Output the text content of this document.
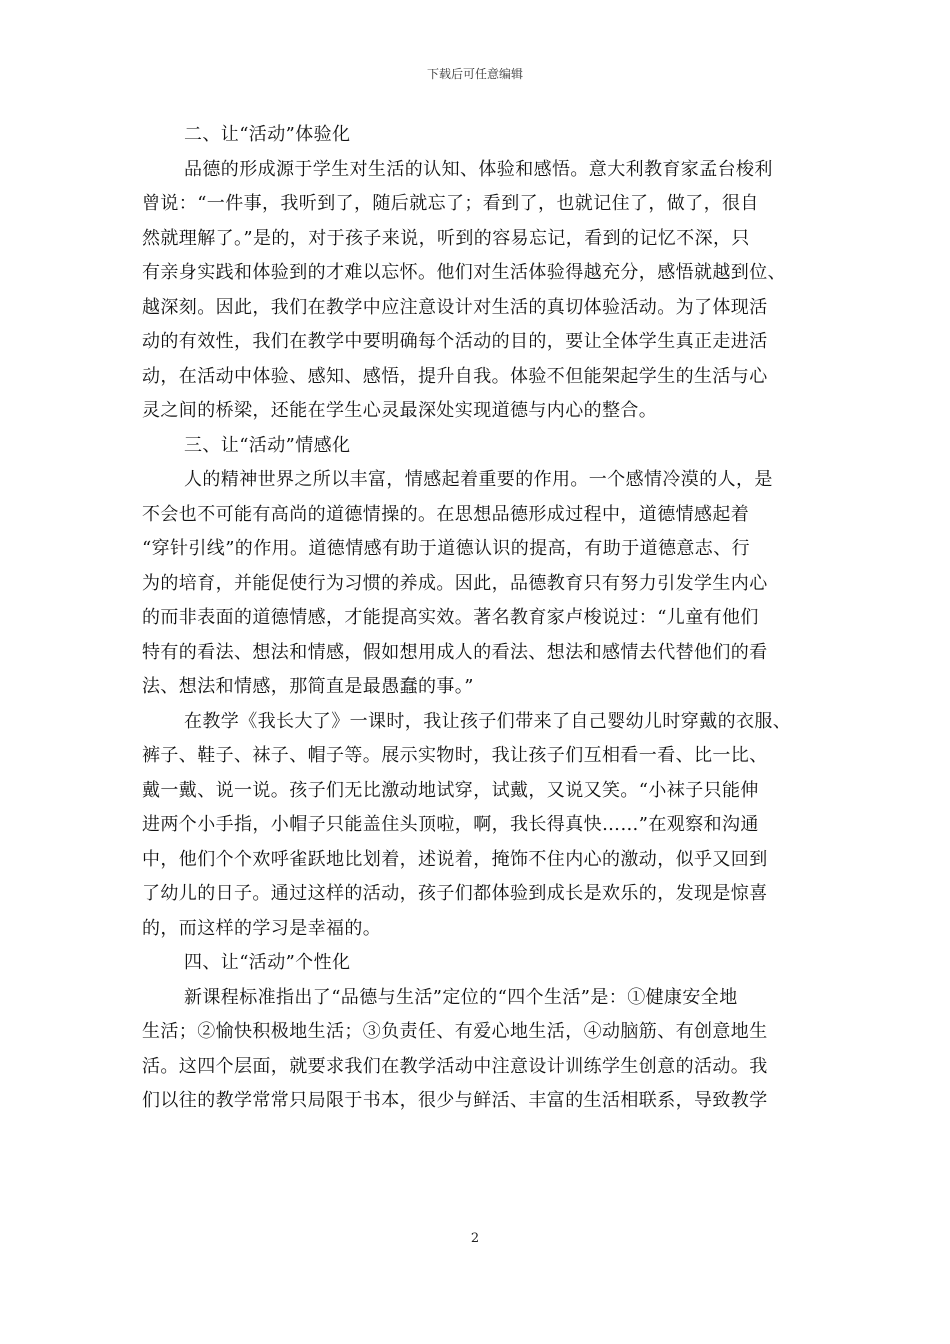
下载后可任意编辑
二、让“活动”体验化
品德的形成源于学生对生活的认知、体验和感悟。意大利教育家孟台梭利
曾说：“一件事，我听到了，随后就忘了；看到了，也就记住了，做了，很自
然就理解了。”是的，对于孩子来说，听到的容易忘记，看到的记忆不深，只
有亲身实践和体验到的才难以忘怀。他们对生活体验得越充分，感悟就越到位、
越深刻。因此，我们在教学中应注意设计对生活的真切体验活动。为了体现活
动的有效性，我们在教学中要明确每个活动的目的，要让全体学生真正走进活
动，在活动中体验、感知、感悟，提升自我。体验不但能架起学生的生活与心
灵之间的桥梁，还能在学生心灵最深处实现道德与内心的整合。
三、让“活动”情感化
人的精神世界之所以丰富，情感起着重要的作用。一个感情冷漠的人，是
不会也不可能有高尚的道德情操的。在思想品德形成过程中，道德情感起着
“穿针引线”的作用。道德情感有助于道德认识的提高，有助于道德意志、行
为的培育，并能促使行为习惯的养成。因此，品德教育只有努力引发学生内心
的而非表面的道德情感，才能提高实效。著名教育家卢梭说过：“儿童有他们
特有的看法、想法和情感，假如想用成人的看法、想法和感情去代替他们的看
法、想法和情感，那简直是最愚蠢的事。”
在教学《我长大了》一课时，我让孩子们带来了自己婴幼儿时穿戴的衣服、
裤子、鞋子、袜子、帽子等。展示实物时，我让孩子们互相看一看、比一比、
戴一戴、说一说。孩子们无比激动地试穿，试戴，又说又笑。“小袜子只能伸
进两个小手指，小帽子只能盖住头顶啦，啊，我长得真快……”在观察和沟通
中，他们个个欢呼雀跃地比划着，述说着，掩饰不住内心的激动，似乎又回到
了幼儿的日子。通过这样的活动，孩子们都体验到成长是欢乐的，发现是惊喜
的，而这样的学习是幸福的。
四、让“活动”个性化
新课程标准指出了“品德与生活”定位的“四个生活”是：①健康安全地
生活；②愉快积极地生活；③负责任、有爱心地生活，④动脑筋、有创意地生
活。这四个层面，就要求我们在教学活动中注意设计训练学生创意的活动。我
们以往的教学常常只局限于书本，很少与鲜活、丰富的生活相联系，导致教学
2
